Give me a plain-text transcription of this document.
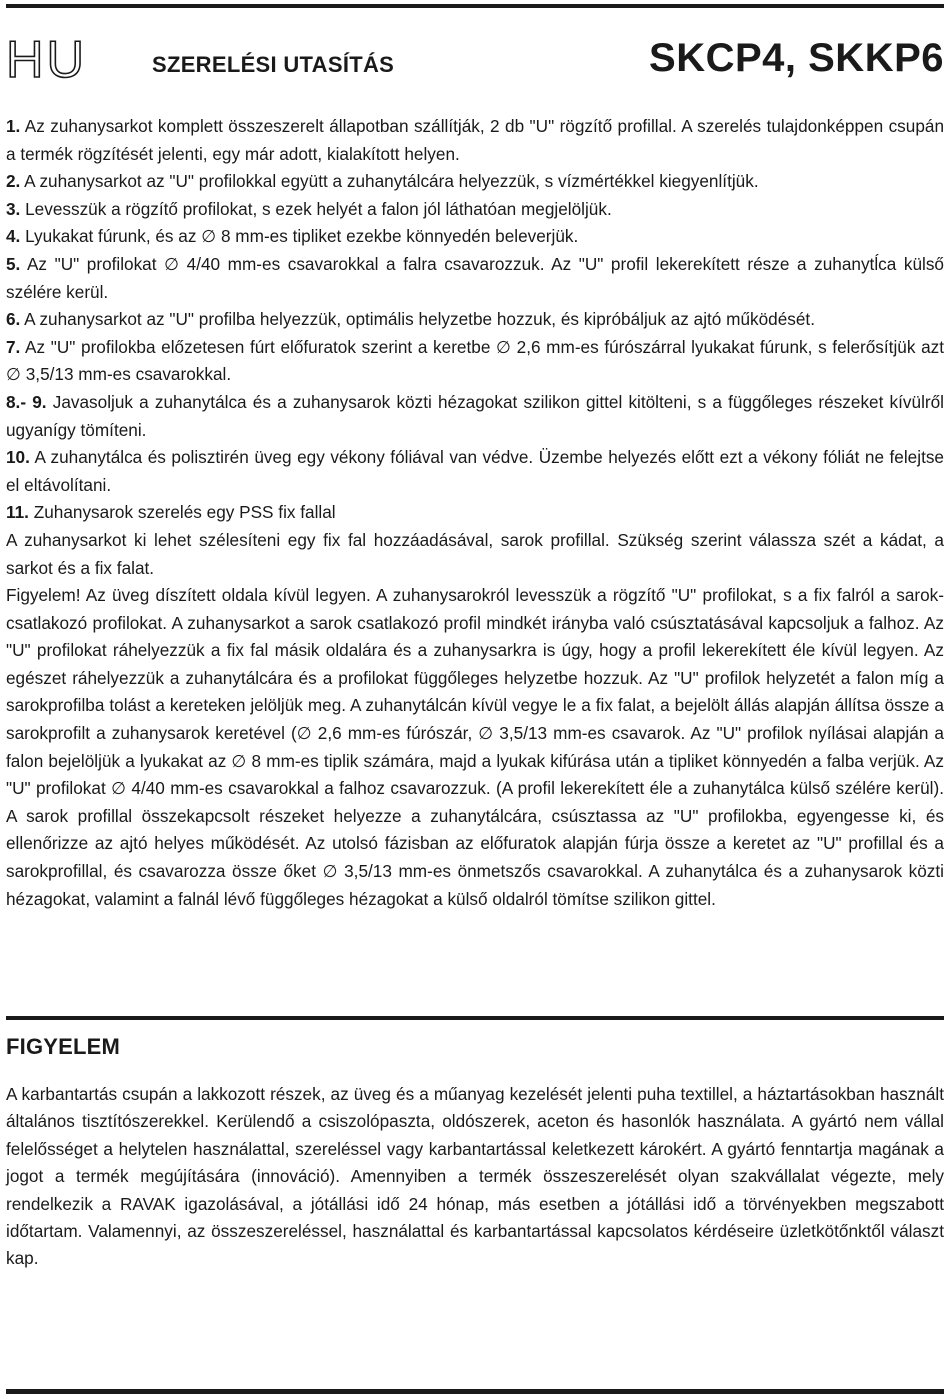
HU	SZERELÉSI UTASÍTÁS	SKCP4, SKKP6

1. Az zuhanysarkot komplett összeszerelt állapotban szállítják, 2 db "U" rögzítő profillal. A szerelés tulajdonképpen csupán a termék rögzítését jelenti, egy már adott, kialakított helyen.

2. A zuhanysarkot az "U" profilokkal együtt a zuhanytálcára helyezzük, s vízmértékkel kiegyenlítjük.

3. Levesszük a rögzítő profilokat, s ezek helyét a falon jól láthatóan megjelöljük.

4. Lyukakat fúrunk, és az ∅ 8 mm-es tipliket ezekbe könnyedén beleverjük.

5. Az "U" profilokat ∅ 4/40 mm-es csavarokkal a falra csavarozzuk. Az "U" profil lekerekített része a zuhanytĺca külső szélére kerül.

6. A zuhanysarkot az "U" profilba helyezzük, optimális helyzetbe hozzuk, és kipróbáljuk az ajtó működését.

7. Az "U" profilokba előzetesen fúrt előfuratok szerint a keretbe ∅ 2,6 mm-es fúrószárral lyukakat fúrunk, s felerősítjük azt ∅ 3,5/13 mm-es csavarokkal.

8.- 9. Javasoljuk a zuhanytálca és a zuhanysarok közti hézagokat szilikon gittel kitölteni, s a függőleges részeket kívülről ugyanígy tömíteni.

10. A zuhanytálca és polisztirén üveg egy vékony fóliával van védve. Üzembe helyezés előtt ezt a vékony fóliát ne felejtse el eltávolítani.

11. Zuhanysarok szerelés egy PSS fix fallal

A zuhanysarkot ki lehet szélesíteni egy fix fal hozzáadásával, sarok profillal. Szükség szerint válassza szét a kádat, a sarkot és a fix falat.

Figyelem! Az üveg díszített oldala kívül legyen. A zuhanysarokról levesszük a rögzítő "U" profilokat, s a fix falról a sarok-csatlakozó profilokat. A zuhanysarkot a sarok csatlakozó profil mindkét irányba való csúsztatásával kapcsoljuk a falhoz. Az "U" profilokat ráhelyezzük a fix fal másik oldalára és a zuhanysarkra is úgy, hogy a profil lekerekített éle kívül legyen. Az egészet ráhelyezzük a zuhanytálcára és a profilokat függőleges helyzetbe hozzuk. Az "U" profilok helyzetét a falon míg a sarokprofilba tolást a kereteken jelöljük meg. A zuhanytálcán kívül vegye le a fix falat, a bejelölt állás alapján állítsa össze a sarokprofilt a zuhanysarok keretével (∅ 2,6 mm-es fúrószár, ∅ 3,5/13 mm-es csavarok. Az "U" profilok nyílásai alapján a falon bejelöljük a lyukakat az ∅ 8 mm-es tiplik számára, majd a lyukak kifúrása után a tipliket könnyedén a falba verjük. Az "U" profilokat ∅ 4/40 mm-es csavarokkal a falhoz csavarozzuk. (A profil lekerekített éle a zuhanytálca külső szélére kerül). A sarok profillal összekapcsolt részeket helyezze a zuhanytálcára, csúsztassa az "U" profilokba, egyengesse ki, és ellenőrizze az ajtó helyes működését. Az utolsó fázisban az előfuratok alapján fúrja össze a keretet az "U" profillal és a sarokprofillal, és csavarozza össze őket ∅ 3,5/13 mm-es önmetszős csavarokkal. A zuhanytálca és a zuhanysarok közti hézagokat, valamint a falnál lévő függőleges hézagokat a külső oldalról tömítse szilikon gittel.

FIGYELEM

A karbantartás csupán a lakkozott részek, az üveg és a műanyag kezelését jelenti puha textillel, a háztartásokban használt általános tisztítószerekkel. Kerülendő a csiszolópaszta, oldószerek, aceton és hasonlók használata. A gyártó nem vállal felelősséget a helytelen használattal, szereléssel vagy karbantartással keletkezett károkért. A gyártó fenntartja magának a jogot a termék megújítására (innováció). Amennyiben a termék összeszerelését olyan szakvállalat végezte, mely rendelkezik a RAVAK igazolásával, a jótállási idő 24 hónap, más esetben a jótállási idő a törvényekben megszabott időtartam. Valamennyi, az összeszereléssel, használattal és karbantartással kapcsolatos kérdéseire üzletkötőnktől választ kap.
